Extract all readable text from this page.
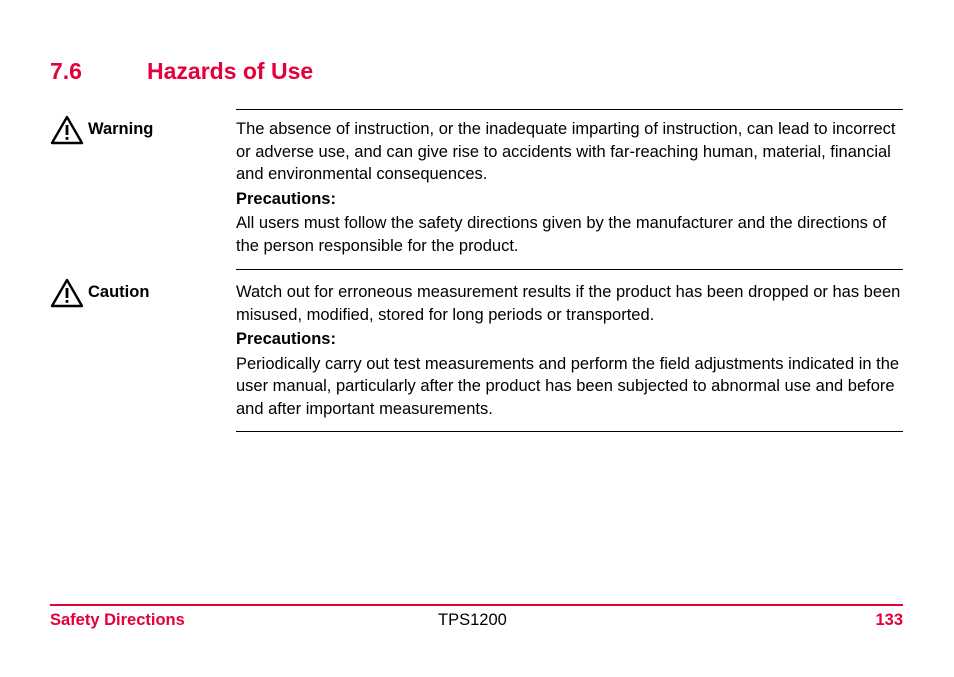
7.6	Hazards of Use
Warning	The absence of instruction, or the inadequate imparting of instruction, can lead to incorrect or adverse use, and can give rise to accidents with far-reaching human, material, financial and environmental consequences.

Precautions:

All users must follow the safety directions given by the manufacturer and the directions of the person responsible for the product.

Caution	Watch out for erroneous measurement results if the product has been dropped or has been misused, modified, stored for long periods or transported.

Precautions:

Periodically carry out test measurements and perform the field adjustments indicated in the user manual, particularly after the product has been subjected to abnormal use and before and after important measurements.

Safety Directions	TPS1200	133
